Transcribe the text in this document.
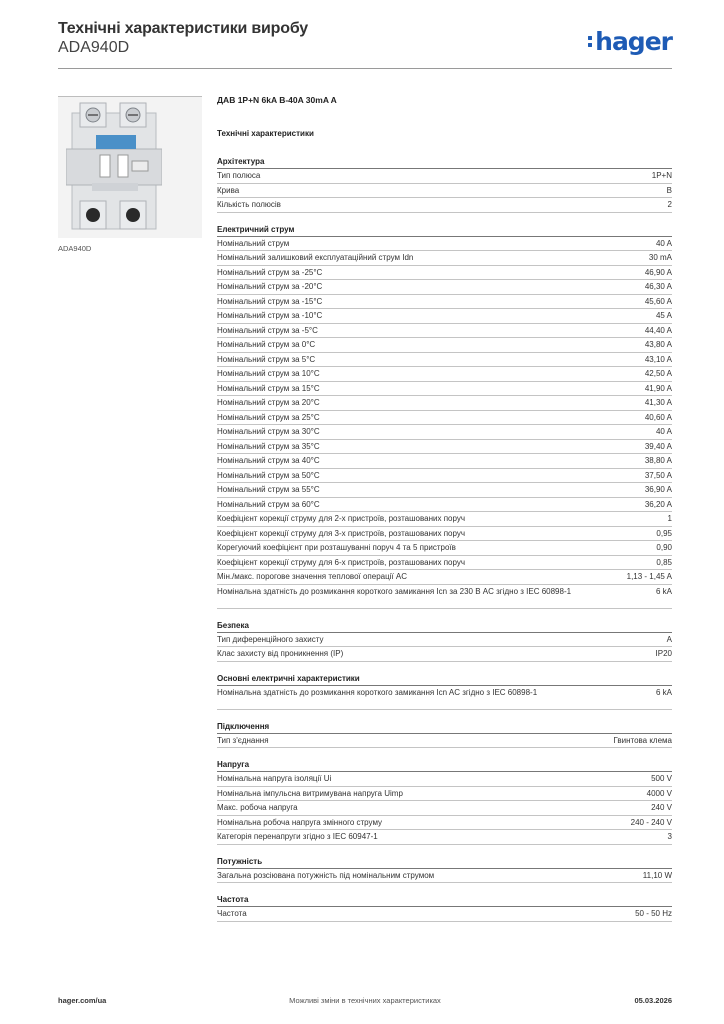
Технічні характеристики виробу
ADA940D	hager
ADA940D
ДАВ 1P+N 6kA B-40A 30mA A
Технічні характеристики
Архітектура
Тип полюса	1P+N
Крива	B
Кількість полюсів	2
Електричний струм
Номінальний струм	40 A
Номінальний залишковий експлуатаційний струм Idn	30 mA
Номінальний струм за -25°C	46,90 A
Номінальний струм за -20°C	46,30 A
Номінальний струм за -15°C	45,60 A
Номінальний струм за -10°C	45 A
Номінальний струм за -5°C	44,40 A
Номінальний струм за 0°C	43,80 A
Номінальний струм за 5°C	43,10 A
Номінальний струм за 10°C	42,50 A
Номінальний струм за 15°C	41,90 A
Номінальний струм за 20°C	41,30 A
Номінальний струм за 25°C	40,60 A
Номінальний струм за 30°C	40 A
Номінальний струм за 35°C	39,40 A
Номінальний струм за 40°C	38,80 A
Номінальний струм за 50°C	37,50 A
Номінальний струм за 55°C	36,90 A
Номінальний струм за 60°C	36,20 A
Коефіцієнт корекції струму для 2-х пристроїв, розташованих поруч	1
Коефіцієнт корекції струму для 3-х пристроїв, розташованих поруч	0,95
Корегуючий коефіцієнт при розташуванні поруч 4 та 5 пристроїв	0,90
Коефіцієнт корекції струму для 6-х пристроїв, розташованих поруч	0,85
Мін./макс. порогове значення теплової операції AC	1,13 - 1,45 A
Номінальна здатність до розмикання короткого замикання Icn за 230 В AC згідно з IEC 60898-1	6 kA
Безпека
Тип диференційного захисту	A
Клас захисту від проникнення (IP)	IP20
Основні електричні характеристики
Номінальна здатність до розмикання короткого замикання Icn AC згідно з IEC 60898-1	6 kA
Підключення
Тип з'єднання	Гвинтова клема
Напруга
Номінальна напруга ізоляції Ui	500 V
Номінальна імпульсна витримувана напруга Uimp	4000 V
Макс. робоча напруга	240 V
Номінальна робоча напруга змінного струму	240 - 240 V
Категорія перенапруги згідно з IEC 60947-1	3
Потужність
Загальна розсіювана потужність під номінальним струмом	11,10 W
Частота
Частота	50 - 50 Hz
hager.com/ua	Можливі зміни в технічних характеристиках	05.03.2026
